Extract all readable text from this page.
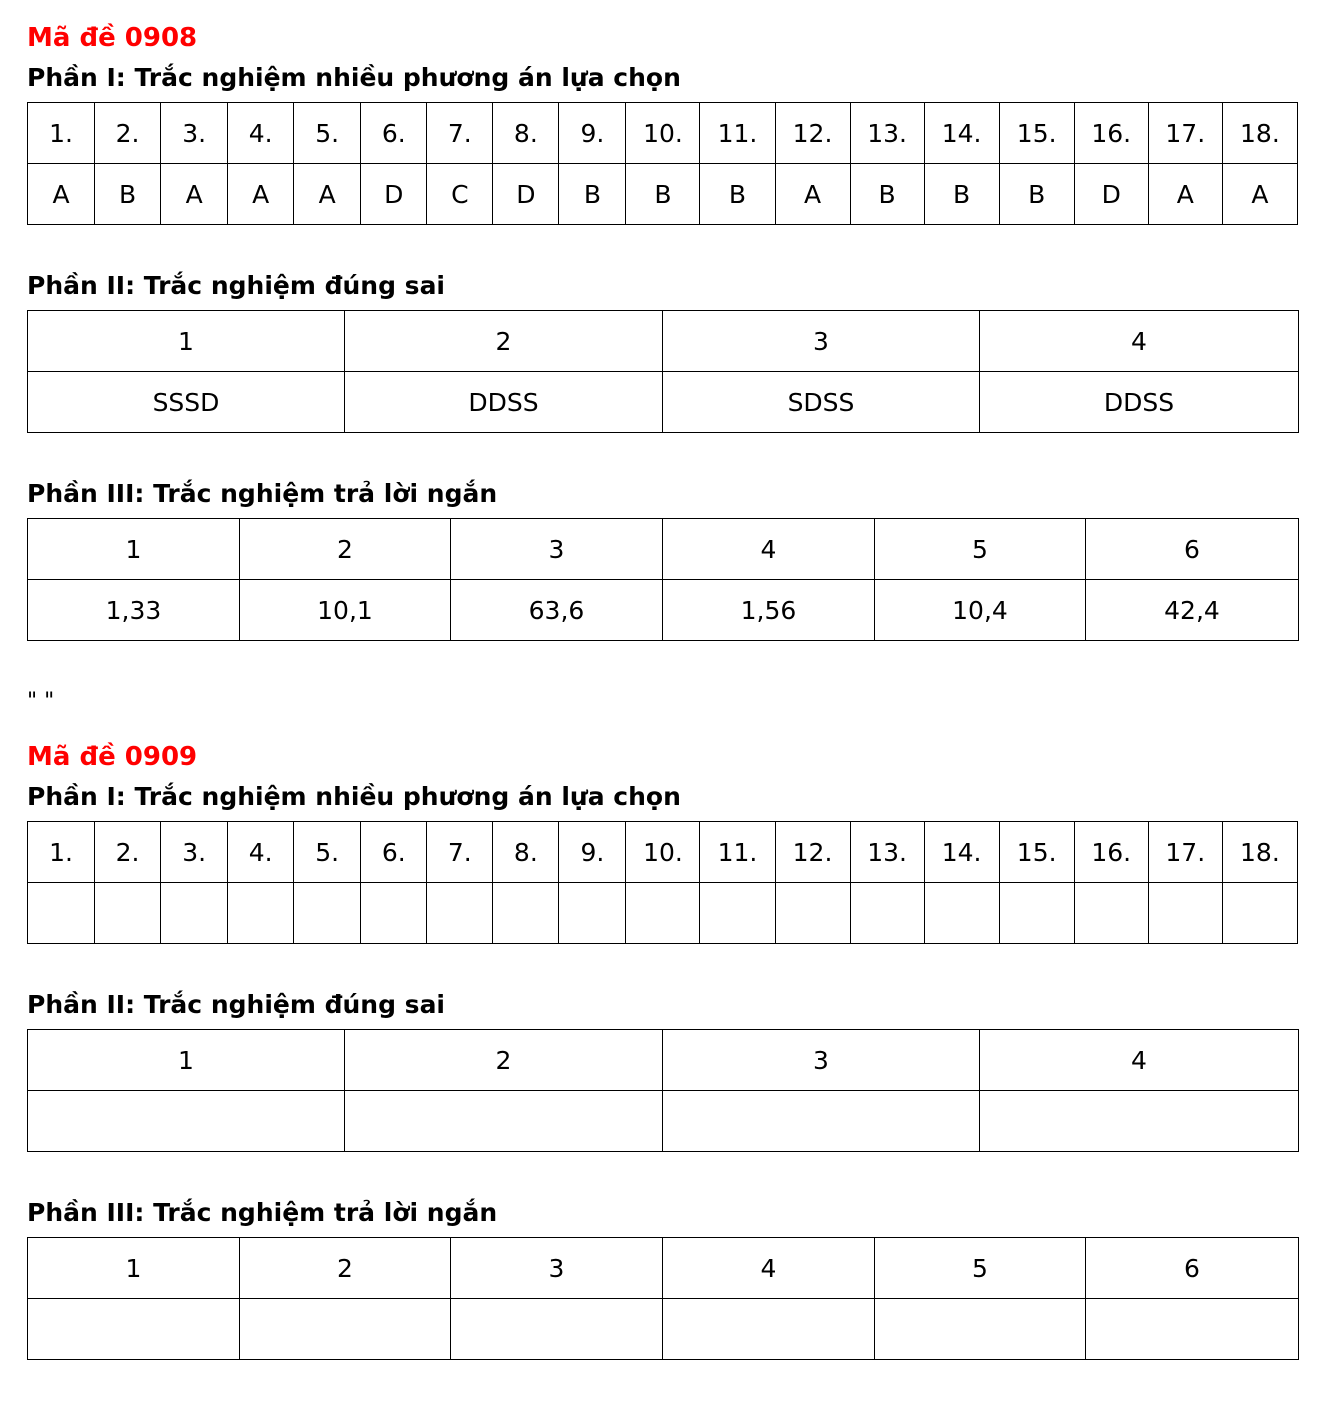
Mã đề 0908
Phần I: Trắc nghiệm nhiều phương án lựa chọn
1.	2.	3.	4.	5.	6.	7.	8.	9.	10.	11.	12.	13.	14.	15.	16.	17.	18.
A	B	A	A	A	D	C	D	B	B	B	A	B	B	B	D	A	A
Phần II: Trắc nghiệm đúng sai
1	2	3	4
SSSD	DDSS	SDSS	DDSS
Phần III: Trắc nghiệm trả lời ngắn
1	2	3	4	5	6
1,33	10,1	63,6	1,56	10,4	42,4
" "
Mã đề 0909
Phần I: Trắc nghiệm nhiều phương án lựa chọn
1.	2.	3.	4.	5.	6.	7.	8.	9.	10.	11.	12.	13.	14.	15.	16.	17.	18.

Phần II: Trắc nghiệm đúng sai
1	2	3	4

Phần III: Trắc nghiệm trả lời ngắn
1	2	3	4	5	6
